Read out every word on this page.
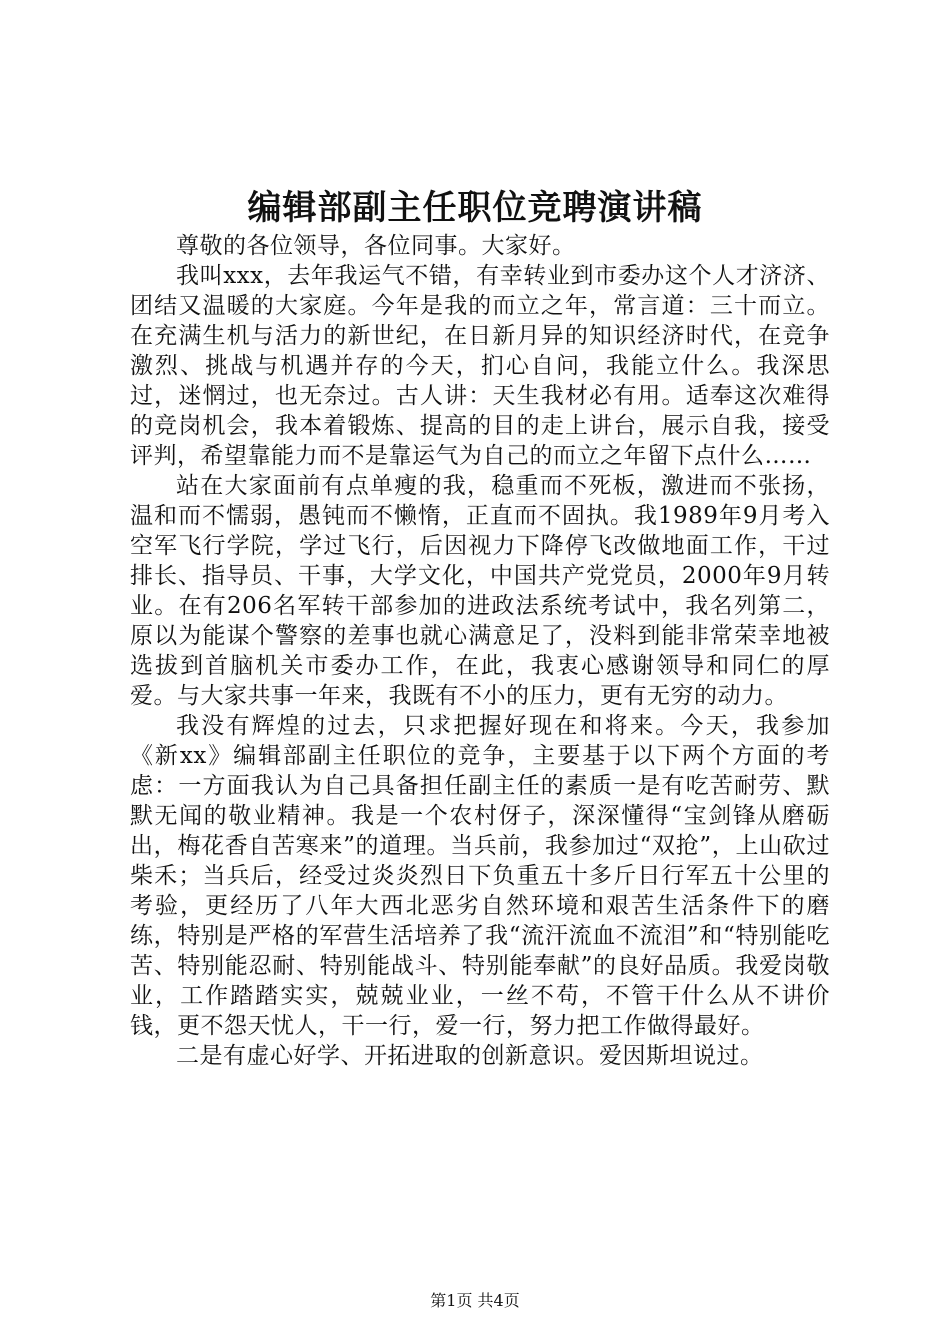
编辑部副主任职位竞聘演讲稿

尊敬的各位领导，各位同事。大家好。

我叫xxx，去年我运气不错，有幸转业到市委办这个人才济济、团结又温暖的大家庭。今年是我的而立之年，常言道：三十而立。在充满生机与活力的新世纪，在日新月异的知识经济时代，在竞争激烈、挑战与机遇并存的今天，扪心自问，我能立什么。我深思过，迷惘过，也无奈过。古人讲：天生我材必有用。适奉这次难得的竞岗机会，我本着锻炼、提高的目的走上讲台，展示自我，接受评判，希望靠能力而不是靠运气为自己的而立之年留下点什么……

站在大家面前有点单瘦的我，稳重而不死板，激进而不张扬，温和而不懦弱，愚钝而不懒惰，正直而不固执。我1989年9月考入空军飞行学院，学过飞行，后因视力下降停飞改做地面工作，干过排长、指导员、干事，大学文化，中国共产党党员，2000年9月转业。在有206名军转干部参加的进政法系统考试中，我名列第二，原以为能谋个警察的差事也就心满意足了，没料到能非常荣幸地被选拔到首脑机关市委办工作，在此，我衷心感谢领导和同仁的厚爱。与大家共事一年来，我既有不小的压力，更有无穷的动力。

我没有辉煌的过去，只求把握好现在和将来。今天，我参加《新xx》编辑部副主任职位的竞争，主要基于以下两个方面的考虑：一方面我认为自己具备担任副主任的素质一是有吃苦耐劳、默默无闻的敬业精神。我是一个农村伢子，深深懂得“宝剑锋从磨砺出，梅花香自苦寒来”的道理。当兵前，我参加过“双抢”，上山砍过柴禾；当兵后，经受过炎炎烈日下负重五十多斤日行军五十公里的考验，更经历了八年大西北恶劣自然环境和艰苦生活条件下的磨练，特别是严格的军营生活培养了我“流汗流血不流泪”和“特别能吃苦、特别能忍耐、特别能战斗、特别能奉献”的良好品质。我爱岗敬业，工作踏踏实实，兢兢业业，一丝不苟，不管干什么从不讲价钱，更不怨天忧人，干一行，爱一行，努力把工作做得最好。

二是有虚心好学、开拓进取的创新意识。爱因斯坦说过。

第1页 共4页
